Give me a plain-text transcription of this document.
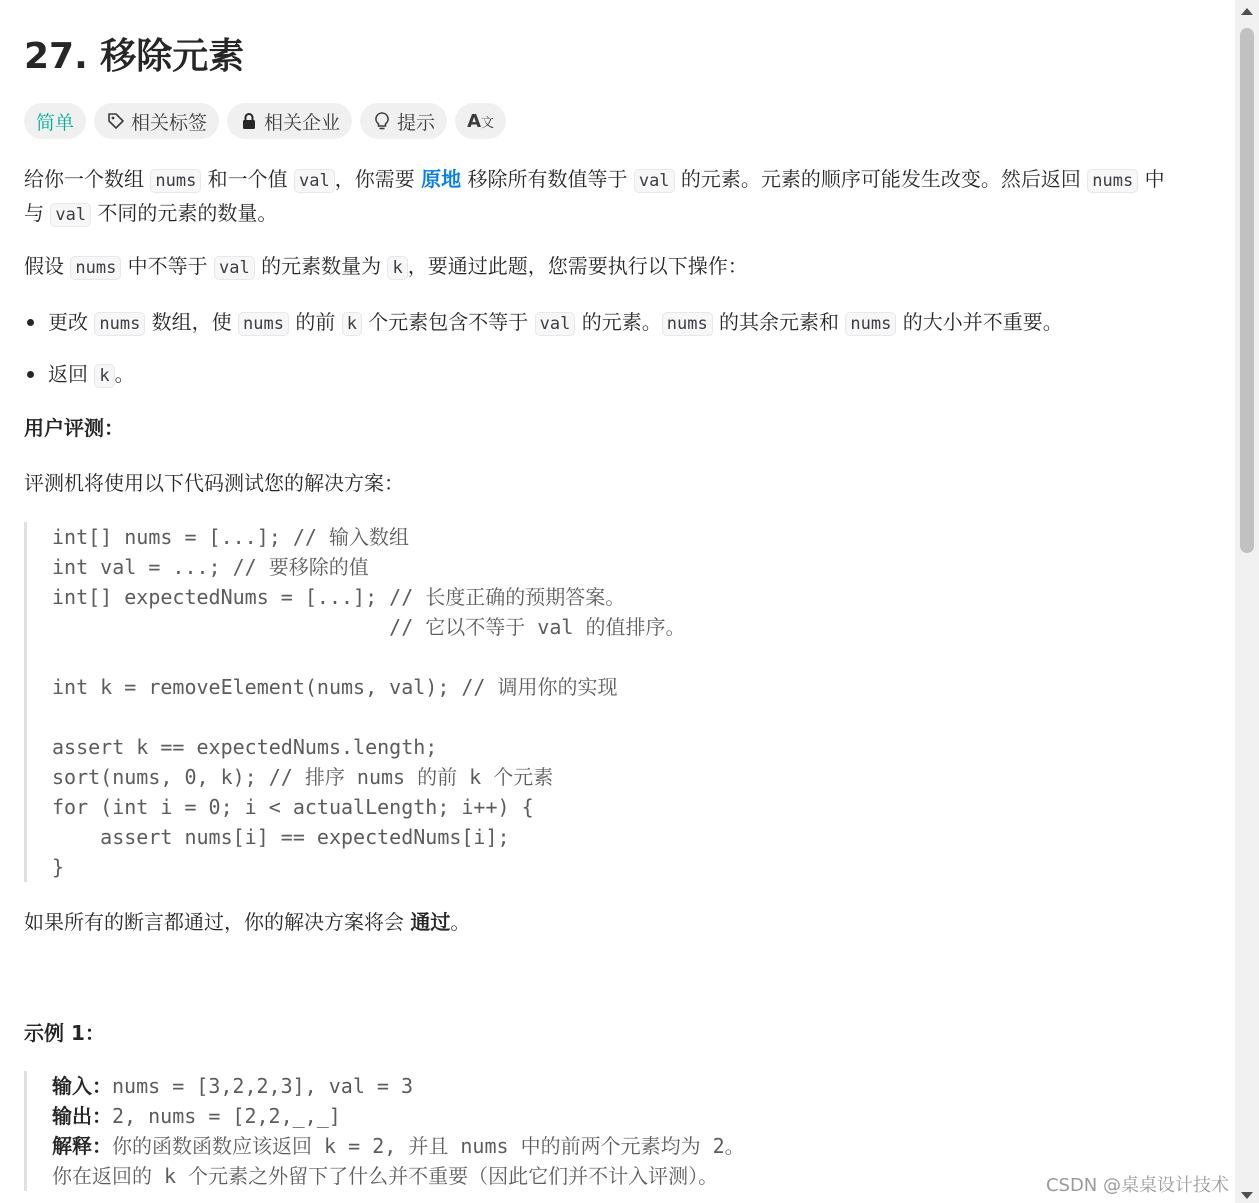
27. 移除元素
简单	相关标签	相关企业	提示 A文
给你一个数组 nums 和一个值 val ，你需要 原地 移除所有数值等于 val 的元素。元素的顺序可能发生改变。然后返回 nums 中
与 val 不同的元素的数量。
假设 nums 中不等于 val 的元素数量为 k ，要通过此题，您需要执行以下操作：
更改 nums 数组，使 nums 的前 k 个元素包含不等于 val 的元素。 nums 的其余元素和 nums 的大小并不重要。
返回 k 。
用户评测：
评测机将使用以下代码测试您的解决方案：
int[] nums = [...]; // 输入数组
int val = ...; // 要移除的值
int[] expectedNums = [...]; // 长度正确的预期答案。
// 它以不等于 val 的值排序。
int k = removeElement(nums, val); // 调用你的实现
assert k == expectedNums.length;
sort(nums, 0, k); // 排序 nums 的前 k 个元素
for (int i = 0; i < actualLength; i++) {
assert nums[i] == expectedNums[i];
}
如果所有的断言都通过，你的解决方案将会 通过。
示例 1：
输入：nums = [3,2,2,3], val = 3
输出：2, nums = [2,2,_,_]
解释：你的函数函数应该返回 k = 2, 并且 nums 中的前两个元素均为 2。
你在返回的 k 个元素之外留下了什么并不重要（因此它们并不计入评测）。	CSDN @桌桌设计技术
